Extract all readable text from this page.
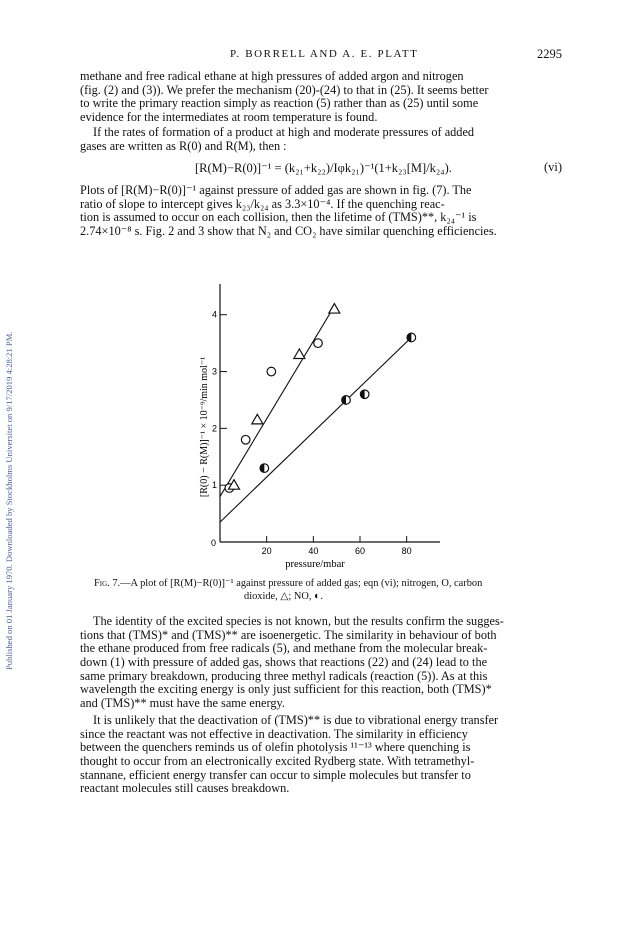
Published on 01 January 1970. Downloaded by Stockholms Universitet on 9/17/2019 4:28:21 PM.
P. BORRELL AND A. E. PLATT	2295

methane and free radical ethane at high pressures of added argon and nitrogen
(fig. (2) and (3)). We prefer the mechanism (20)-(24) to that in (25). It seems better
to write the primary reaction simply as reaction (5) rather than as (25) until some
evidence for the intermediates at room temperature is found.

If the rates of formation of a product at high and moderate pressures of added
gases are written as R(0) and R(M), then :

[R(M)−R(0)]⁻¹ = (k₂₁+k₂₂)/Iφk₂₁)⁻¹(1+k₂₃[M]/k₂₄).	(vi)

Plots of [R(M)−R(0)]⁻¹ against pressure of added gas are shown in fig. (7). The
ratio of slope to intercept gives k₂₃/k₂₄ as 3.3×10⁻⁴. If the quenching reac-
tion is assumed to occur on each collision, then the lifetime of (TMS)**, k₂₄⁻¹ is
2.74×10⁻⁸ s. Fig. 2 and 3 show that N₂ and CO₂ have similar quenching efficiencies.

20	40	60	80
1
2
3
4
0
pressure/mbar
[R(0) − R(M)]⁻¹ × 10⁻⁹/min mol⁻¹

Fig. 7.—A plot of [R(M)−R(0)]⁻¹ against pressure of added gas; eqn (vi); nitrogen, O, carbon
dioxide, △; NO, ◐.

The identity of the excited species is not known, but the results confirm the sugges-
tions that (TMS)* and (TMS)** are isoenergetic. The similarity in behaviour of both
the ethane produced from free radicals (5), and methane from the molecular break-
down (1) with pressure of added gas, shows that reactions (22) and (24) lead to the
same primary breakdown, producing three methyl radicals (reaction (5)). As at this
wavelength the exciting energy is only just sufficient for this reaction, both (TMS)*
and (TMS)** must have the same energy.

It is unlikely that the deactivation of (TMS)** is due to vibrational energy transfer
since the reactant was not effective in deactivation. The similarity in efficiency
between the quenchers reminds us of olefin photolysis ¹¹⁻¹³ where quenching is
thought to occur from an electronically excited Rydberg state. With tetramethyl-
stannane, efficient energy transfer can occur to simple molecules but transfer to
reactant molecules still causes breakdown.
